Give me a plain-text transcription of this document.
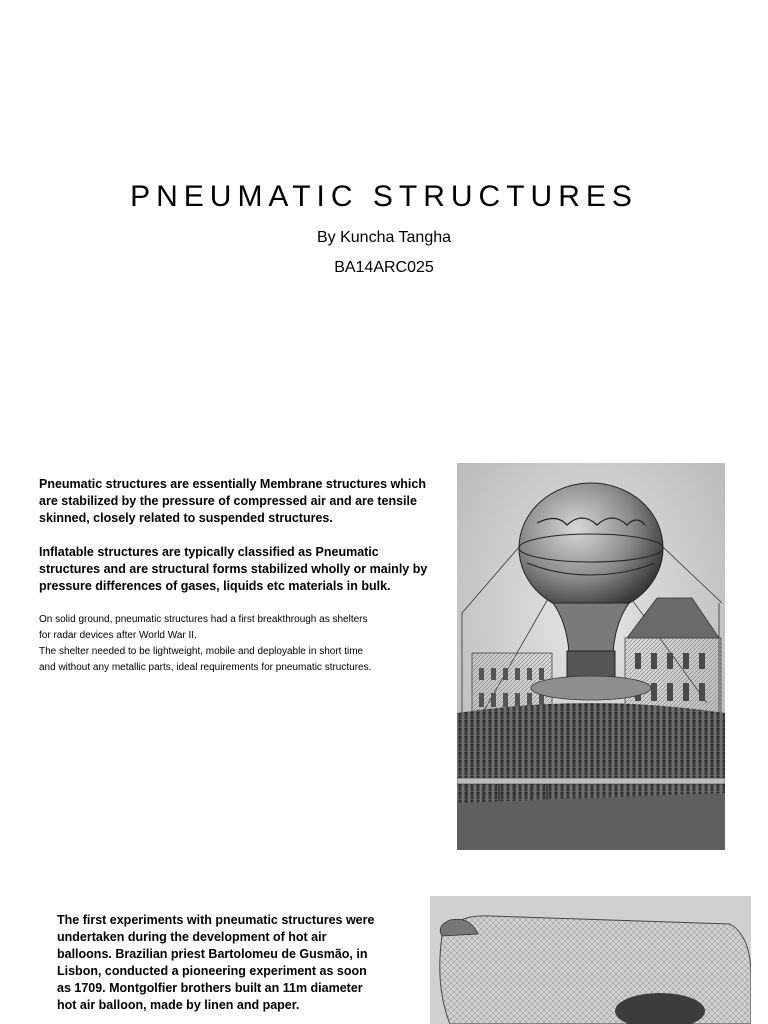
PNEUMATIC STRUCTURES
By Kuncha Tangha
BA14ARC025
Pneumatic structures are essentially Membrane structures which are stabilized by the pressure of compressed air and are tensile skinned, closely related to suspended structures.
Inflatable structures are typically classified as Pneumatic structures and are structural forms stabilized wholly or mainly by pressure differences of gases, liquids etc materials in bulk.
On solid ground, pneumatic structures had a first breakthrough as shelters
for radar devices after World War II.
The shelter needed to be lightweight, mobile and deployable in short time
and without any metallic parts, ideal requirements for pneumatic structures.
The first experiments with pneumatic structures were undertaken during the development of hot air balloons. Brazilian priest Bartolomeu de Gusmão, in Lisbon, conducted a pioneering experiment as soon as 1709. Montgolfier brothers built an 11m diameter hot air balloon, made by linen and paper.
